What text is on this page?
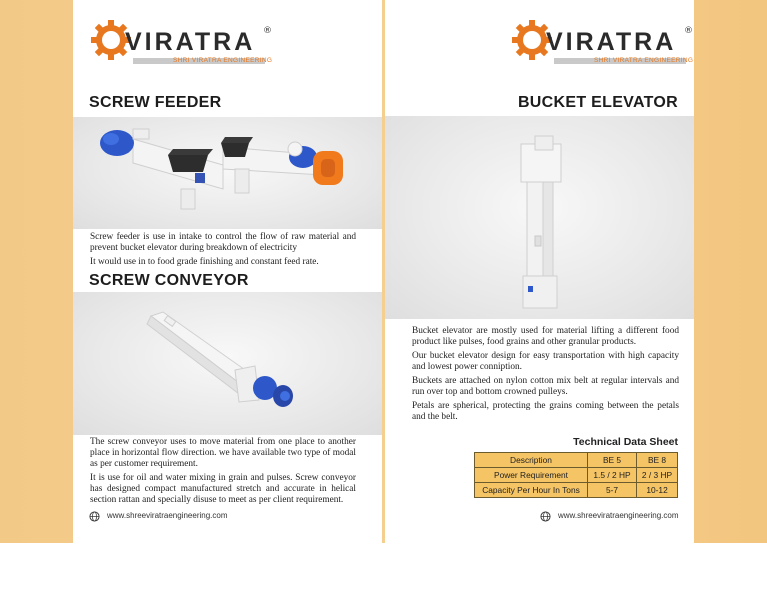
VIRATRA ®
SHRI VIRATRA ENGINEERING
SCREW FEEDER

Screw feeder is use in intake to control the flow of raw material and prevent bucket elevator during breakdown of electricity

It would use in to food grade finishing and constant feed rate.

SCREW CONVEYOR

The screw conveyor uses to move material from one place to another place in horizontal flow direction. we have available two type of modal as per customer requirement.

It is use for oil and water mixing in grain and pulses. Screw conveyor has designed compact manufactured stretch and accurate in helical section rattan and specially disuse to meet as per client requirement.

www.shreeviratraengineering.com
VIRATRA ®
SHRI VIRATRA ENGINEERING
BUCKET ELEVATOR

Bucket elevator are mostly used for material lifting a different food product like pulses, food grains and other granular products.

Our bucket elevator design for easy transportation with high capacity and lowest power conniption.

Buckets are attached on nylon cotton mix belt at regular intervals and run over top and bottom crowned pulleys.

Petals are spherical, protecting the grains coming between the petals and the belt.

Technical Data Sheet
Description	BE 5	BE 8
Power Requirement	1.5 / 2 HP	2 / 3 HP
Capacity Per Hour In Tons	5-7	10-12
www.shreeviratraengineering.com
